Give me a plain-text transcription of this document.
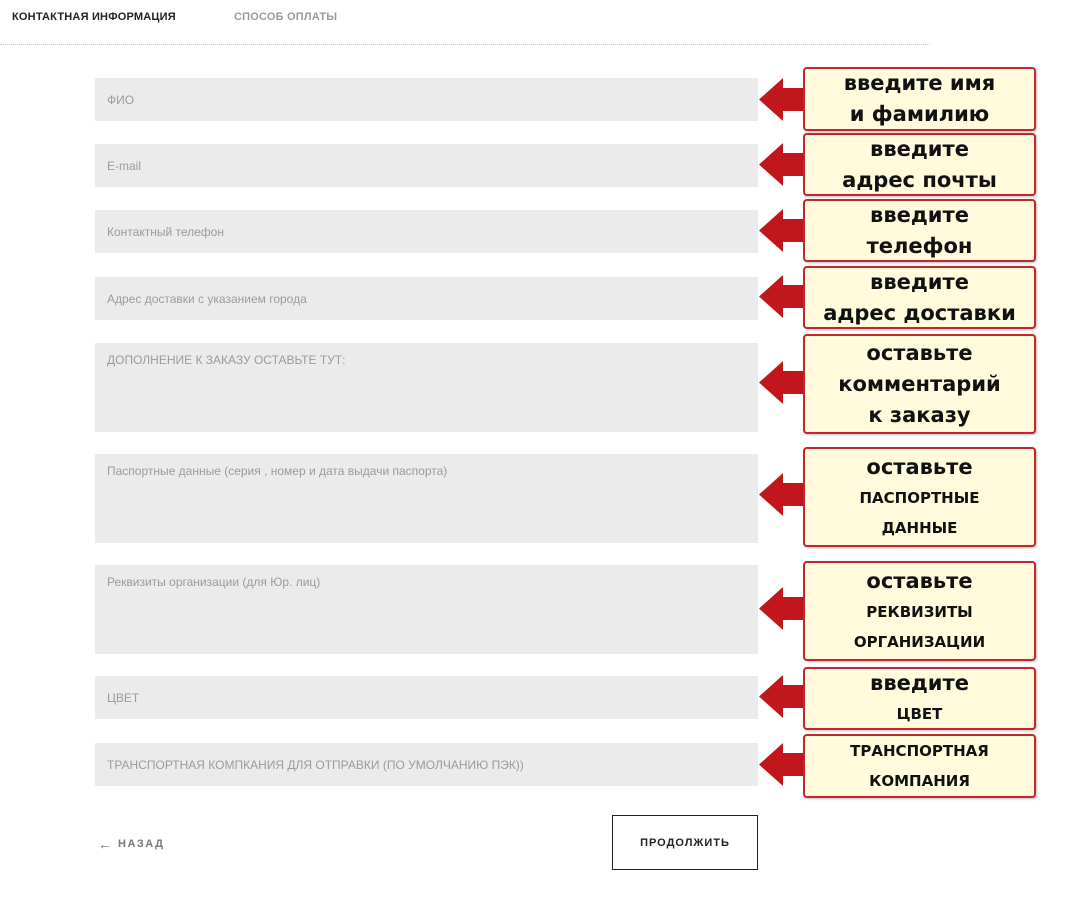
КОНТАКТНАЯ ИНФОРМАЦИЯ	СПОСОБ ОПЛАТЫ
ФИО
E-mail
Контактный телефон
Адрес доставки с указанием города
ДОПОЛНЕНИЕ К ЗАКАЗУ ОСТАВЬТЕ ТУТ:
Паспортные данные (серия , номер и дата выдачи паспорта)
Реквизиты организации (для Юр. лиц)
ЦВЕТ
ТРАНСПОРТНАЯ КОМПКАНИЯ ДЛЯ ОТПРАВКИ (ПО УМОЛЧАНИЮ ПЭК))
введите имя
и фамилию
введите
адрес почты
введите
телефон
введите
адрес доставки
оставьте
комментарий
к заказу
оставьте
ПАСПОРТНЫЕ
ДАННЫЕ
оставьте
РЕКВИЗИТЫ
ОРГАНИЗАЦИИ
введите
ЦВЕТ
ТРАНСПОРТНАЯ
КОМПАНИЯ
← НАЗАД	ПРОДОЛЖИТЬ
